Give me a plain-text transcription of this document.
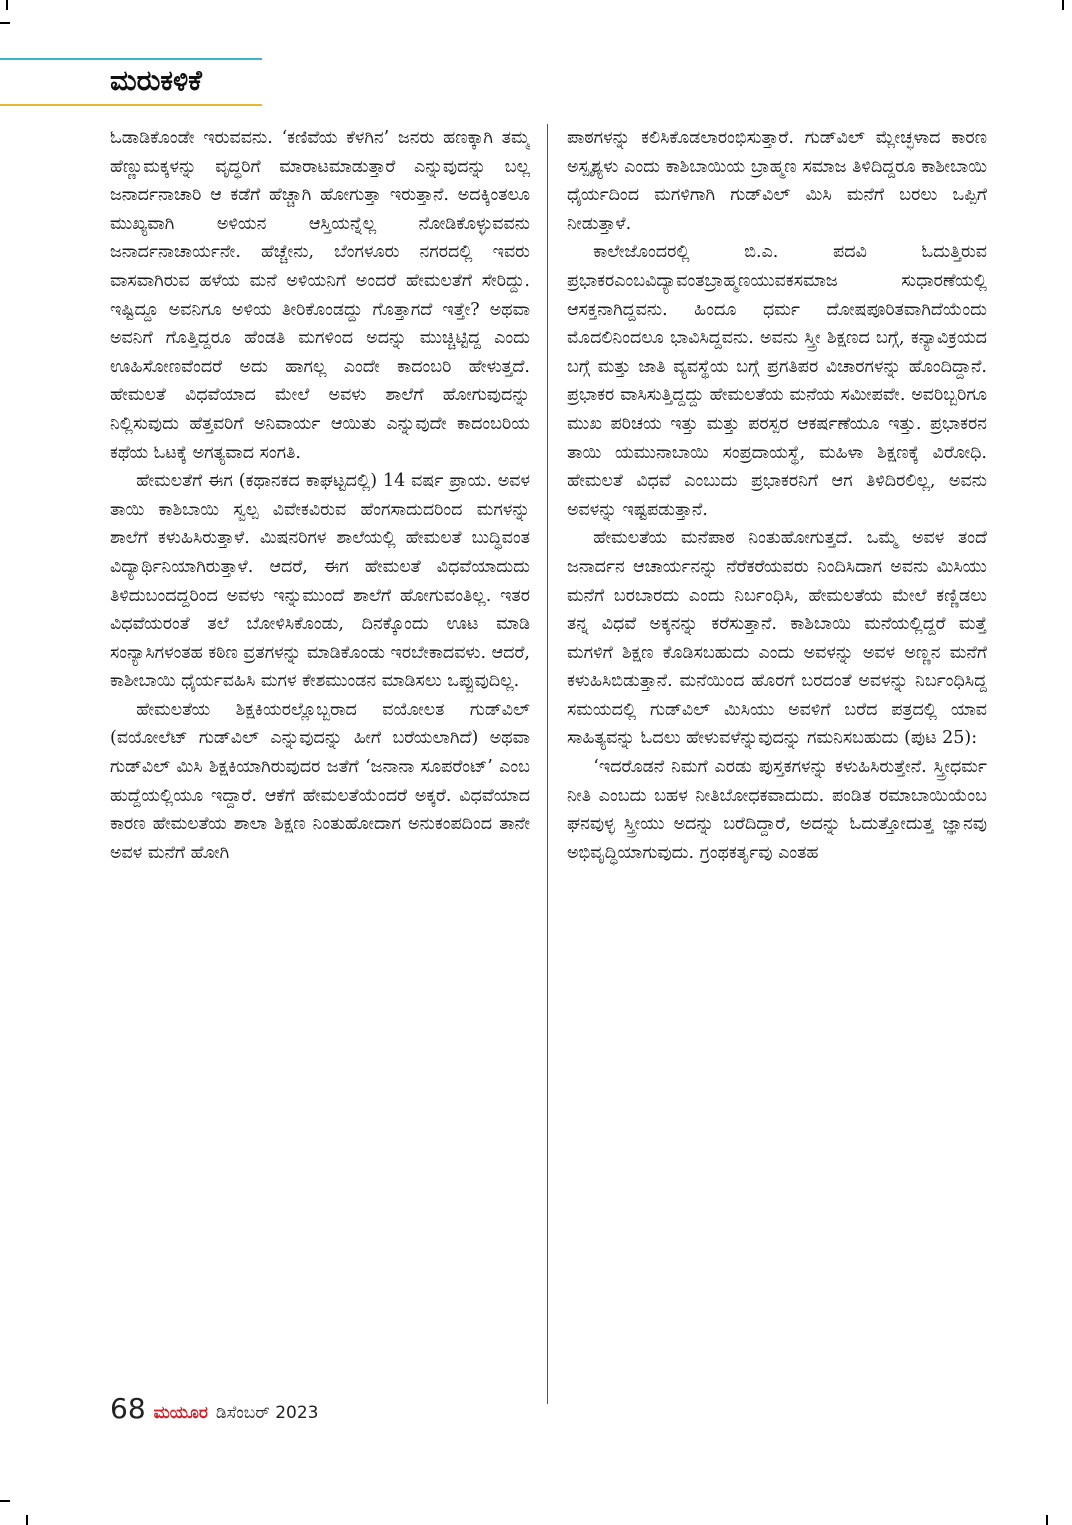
ಮರುಕಳಿಕೆ

ಓಡಾಡಿಕೊಂಡೇ ಇರುವವನು. ‘ಕಣಿವೆಯ ಕೆಳಗಿನ’ ಜನರು ಹಣಕ್ಕಾಗಿ ತಮ್ಮ ಹೆಣ್ಣುಮಕ್ಕಳನ್ನು ವೃದ್ಧರಿಗೆ ಮಾರಾಟಮಾಡುತ್ತಾರೆ ಎನ್ನುವುದನ್ನು ಬಲ್ಲ ಜನಾರ್ದನಾಚಾರಿ ಆ ಕಡೆಗೆ ಹೆಚ್ಚಾಗಿ ಹೋಗುತ್ತಾ ಇರುತ್ತಾನೆ. ಅದಕ್ಕಿಂತಲೂ ಮುಖ್ಯವಾಗಿ ಅಳಿಯನ ಆಸ್ತಿಯನ್ನೆಲ್ಲ ನೋಡಿಕೊಳ್ಳುವವನು ಜನಾರ್ದನಾಚಾರ್ಯನೇ. ಹೆಚ್ಚೇನು, ಬೆಂಗಳೂರು ನಗರದಲ್ಲಿ ಇವರು ವಾಸವಾಗಿರುವ ಹಳೆಯ ಮನೆ ಅಳಿಯನಿಗೆ ಅಂದರೆ ಹೇಮಲತೆಗೆ ಸೇರಿದ್ದು. ಇಷ್ಟಿದ್ದೂ ಅವನಿಗೂ ಅಳಿಯ ತೀರಿಕೊಂಡದ್ದು ಗೊತ್ತಾಗದೆ ಇತ್ತೇ? ಅಥವಾ ಅವನಿಗೆ ಗೊತ್ತಿದ್ದರೂ ಹೆಂಡತಿ ಮಗಳಿಂದ ಅದನ್ನು ಮುಚ್ಚಿಟ್ಟಿದ್ದ ಎಂದು ಊಹಿಸೋಣವೆಂದರೆ ಅದು ಹಾಗಲ್ಲ ಎಂದೇ ಕಾದಂಬರಿ ಹೇಳುತ್ತದೆ. ಹೇಮಲತೆ ವಿಧವೆಯಾದ ಮೇಲೆ ಅವಳು ಶಾಲೆಗೆ ಹೋಗುವುದನ್ನು ನಿಲ್ಲಿಸುವುದು ಹೆತ್ತವರಿಗೆ ಅನಿವಾರ್ಯ ಆಯಿತು ಎನ್ನುವುದೇ ಕಾದಂಬರಿಯ ಕಥೆಯ ಓಟಕ್ಕೆ ಅಗತ್ಯವಾದ ಸಂಗತಿ.

ಹೇಮಲತೆಗೆ ಈಗ (ಕಥಾನಕದ ಕಾಘಟ್ಟದಲ್ಲಿ) 14 ವರ್ಷ ಪ್ರಾಯ. ಅವಳ ತಾಯಿ ಕಾಶಿಬಾಯಿ ಸ್ವಲ್ಪ ವಿವೇಕವಿರುವ ಹೆಂಗಸಾದುದರಿಂದ ಮಗಳನ್ನು ಶಾಲೆಗೆ ಕಳುಹಿಸಿರುತ್ತಾಳೆ. ಮಿಷನರಿಗಳ ಶಾಲೆಯಲ್ಲಿ ಹೇಮಲತೆ ಬುದ್ಧಿವಂತ ವಿದ್ಯಾರ್ಥಿನಿಯಾಗಿರುತ್ತಾಳೆ. ಆದರೆ, ಈಗ ಹೇಮಲತೆ ವಿಧವೆಯಾದುದು ತಿಳಿದುಬಂದದ್ದರಿಂದ ಅವಳು ಇನ್ನುಮುಂದೆ ಶಾಲೆಗೆ ಹೋಗುವಂತಿಲ್ಲ. ಇತರ ವಿಧವೆಯರಂತೆ ತಲೆ ಬೋಳಿಸಿಕೊಂಡು, ದಿನಕ್ಕೊಂದು ಊಟ ಮಾಡಿ ಸಂನ್ಯಾಸಿಗಳಂತಹ ಕಠಿಣ ವ್ರತಗಳನ್ನು ಮಾಡಿಕೊಂಡು ಇರಬೇಕಾದವಳು. ಆದರೆ, ಕಾಶೀಬಾಯಿ ಧೈರ್ಯವಹಿಸಿ ಮಗಳ ಕೇಶಮುಂಡನ ಮಾಡಿಸಲು ಒಪ್ಪುವುದಿಲ್ಲ.

ಹೇಮಲತೆಯ ಶಿಕ್ಷಕಿಯರಲ್ಲೊಬ್ಬರಾದ ವಯೋಲತ ಗುಡ್‌ವಿಲ್ (ವಯೋಲೆಟ್ ಗುಡ್‌ವಿಲ್ ಎನ್ನುವುದನ್ನು ಹೀಗೆ ಬರೆಯಲಾಗಿದೆ) ಅಥವಾ ಗುಡ್‌ವಿಲ್ ಮಿಸಿ ಶಿಕ್ಷಕಿಯಾಗಿರುವುದರ ಜತೆಗೆ ‘ಜನಾನಾ ಸೂಪರೆಂಟ್’ ಎಂಬ ಹುದ್ದೆಯಲ್ಲಿಯೂ ಇದ್ದಾರೆ. ಆಕೆಗೆ ಹೇಮಲತೆಯೆಂದರೆ ಅಕ್ಕರೆ. ವಿಧವೆಯಾದ ಕಾರಣ ಹೇಮಲತೆಯ ಶಾಲಾ ಶಿಕ್ಷಣ ನಿಂತುಹೋದಾಗ ಅನುಕಂಪದಿಂದ ತಾನೇ ಅವಳ ಮನೆಗೆ ಹೋಗಿ

ಪಾಠಗಳನ್ನು ಕಲಿಸಿಕೊಡಲಾರಂಭಿಸುತ್ತಾರೆ. ಗುಡ್‌ವಿಲ್ ಮ್ಲೇಚ್ಛಳಾದ ಕಾರಣ ಅಸ್ಪೃಶ್ಯಳು ಎಂದು ಕಾಶಿಬಾಯಿಯ ಬ್ರಾಹ್ಮಣ ಸಮಾಜ ತಿಳಿದಿದ್ದರೂ ಕಾಶೀಬಾಯಿ ಧೈರ್ಯದಿಂದ ಮಗಳಿಗಾಗಿ ಗುಡ್‌ವಿಲ್ ಮಿಸಿ ಮನೆಗೆ ಬರಲು ಒಪ್ಪಿಗೆ ನೀಡುತ್ತಾಳೆ.

ಕಾಲೇಜೊಂದರಲ್ಲಿ ಬಿ.ಎ. ಪದವಿ ಓದುತ್ತಿರುವ ಪ್ರಭಾಕರಎಂಬವಿದ್ಯಾವಂತಬ್ರಾಹ್ಮಣಯುವಕಸಮಾಜ ಸುಧಾರಣೆಯಲ್ಲಿ ಆಸಕ್ತನಾಗಿದ್ದವನು. ಹಿಂದೂ ಧರ್ಮ ದೋಷಪೂರಿತವಾಗಿದೆಯೆಂದು ಮೊದಲಿನಿಂದಲೂ ಭಾವಿಸಿದ್ದವನು. ಅವನು ಸ್ತ್ರೀ ಶಿಕ್ಷಣದ ಬಗ್ಗೆ, ಕನ್ಯಾವಿಕ್ರಯದ ಬಗ್ಗೆ ಮತ್ತು ಜಾತಿ ವ್ಯವಸ್ಥೆಯ ಬಗ್ಗೆ ಪ್ರಗತಿಪರ ವಿಚಾರಗಳನ್ನು ಹೊಂದಿದ್ದಾನೆ. ಪ್ರಭಾಕರ ವಾಸಿಸುತ್ತಿದ್ದದ್ದು ಹೇಮಲತೆಯ ಮನೆಯ ಸಮೀಪವೇ. ಅವರಿಬ್ಬರಿಗೂ ಮುಖ ಪರಿಚಯ ಇತ್ತು ಮತ್ತು ಪರಸ್ಪರ ಆಕರ್ಷಣೆಯೂ ಇತ್ತು. ಪ್ರಭಾಕರನ ತಾಯಿ ಯಮುನಾಬಾಯಿ ಸಂಪ್ರದಾಯಸ್ಥೆ, ಮಹಿಳಾ ಶಿಕ್ಷಣಕ್ಕೆ ವಿರೋಧಿ. ಹೇಮಲತೆ ವಿಧವೆ ಎಂಬುದು ಪ್ರಭಾಕರನಿಗೆ ಆಗ ತಿಳಿದಿರಲಿಲ್ಲ, ಅವನು ಅವಳನ್ನು ಇಷ್ಟಪಡುತ್ತಾನೆ.

ಹೇಮಲತೆಯ ಮನೆಪಾಠ ನಿಂತುಹೋಗುತ್ತದೆ. ಒಮ್ಮೆ ಅವಳ ತಂದೆ ಜನಾರ್ದನ ಆಚಾರ್ಯನನ್ನು ನೆರೆಕರೆಯವರು ನಿಂದಿಸಿದಾಗ ಅವನು ಮಿಸಿಯು ಮನೆಗೆ ಬರಬಾರದು ಎಂದು ನಿರ್ಬಂಧಿಸಿ, ಹೇಮಲತೆಯ ಮೇಲೆ ಕಣ್ಣಿಡಲು ತನ್ನ ವಿಧವೆ ಅಕ್ಕನನ್ನು ಕರೆಸುತ್ತಾನೆ. ಕಾಶಿಬಾಯಿ ಮನೆಯಲ್ಲಿದ್ದರೆ ಮತ್ತೆ ಮಗಳಿಗೆ ಶಿಕ್ಷಣ ಕೊಡಿಸಬಹುದು ಎಂದು ಅವಳನ್ನು ಅವಳ ಅಣ್ಣನ ಮನೆಗೆ ಕಳುಹಿಸಿಬಿಡುತ್ತಾನೆ. ಮನೆಯಿಂದ ಹೊರಗೆ ಬರದಂತೆ ಅವಳನ್ನು ನಿರ್ಬಂಧಿಸಿದ್ದ ಸಮಯದಲ್ಲಿ ಗುಡ್‌ವಿಲ್ ಮಿಸಿಯು ಅವಳಿಗೆ ಬರೆದ ಪತ್ರದಲ್ಲಿ ಯಾವ ಸಾಹಿತ್ಯವನ್ನು ಓದಲು ಹೇಳುವಳೆನ್ನುವುದನ್ನು ಗಮನಿಸಬಹುದು (ಪುಟ 25):

‘ಇದರೊಡನೆ ನಿಮಗೆ ಎರಡು ಪುಸ್ತಕಗಳನ್ನು ಕಳುಹಿಸಿರುತ್ತೇನೆ. ಸ್ತ್ರೀಧರ್ಮ ನೀತಿ ಎಂಬದು ಬಹಳ ನೀತಿಬೋಧಕವಾದುದು. ಪಂಡಿತ ರಮಾಬಾಯಿಯೆಂಬ ಘನವುಳ್ಳ ಸ್ತ್ರೀಯು ಅದನ್ನು ಬರೆದಿದ್ದಾರೆ, ಅದನ್ನು ಓದುತ್ತೋದುತ್ತ ಜ್ಞಾನವು ಅಭಿವೃದ್ಧಿಯಾಗುವುದು. ಗ್ರಂಥಕರ್ತೃವು ಎಂತಹ

68 ಮಯೂರ ಡಿಸೆಂಬರ್ 2023
